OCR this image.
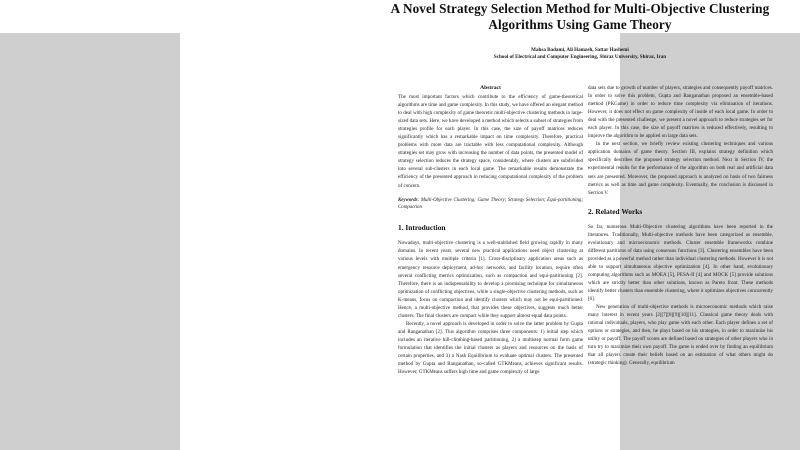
A Novel Strategy Selection Method for Multi-Objective Clustering Algorithms Using Game Theory
Mahsa Badami, Ali Hamzeh, Sattar Hashemi
School of Electrical and Computer Engineering, Shiraz University, Shiraz, Iran
Abstract

The most important factors which contribute to the efficiency of game-theoretical algorithms are time and game complexity. In this study, we have offered an elegant method to deal with high complexity of game theoretic multi-objective clustering methods in large-sized data sets. Here, we have developed a method which selects a subset of strategies from strategies profile for each player. In this case, the size of payoff matrices reduces significantly which has a remarkable impact on time complexity. Therefore, practical problems with more data are tractable with less computational complexity. Although strategies set may grow with increasing the number of data points, the presented model of strategy selection reduces the strategy space, considerably, where clusters are subdivided into several sub-clusters in each local game. The remarkable results demonstrate the efficiency of the presented approach in reducing computational complexity of the problem of concern.

Keywords: Multi-Objective Clustering; Game Theory; Strategy Selection; Equi-partitioning; Compaction

1. Introduction

Nowadays, multi-objective clustering is a well-stablished field growing rapidly in many domains. In recent years, several new practical applications need object clustering at various levels with multiple criteria [1]. Cross-disciplinary application areas such as emergency resource deployment, ad-hoc networks, and facility location, require often several conflicting metrics optimization, such as compaction and equi-partitioning [2]. Therefore, there is an indispensability to develop a promising technique for simultaneous optimization of conflicting objectives, while a single-objective clustering methods, such as K-means, focus on compaction and identify clusters which may not be equi-partitioned. Hence, a multi-objective method, that provides these objectives, suggests much better clusters. The final clusters are compact while they support almost equal data points.

Recently, a novel approach is developed in order to solve the latter problem by Gupta and Ranganathan [2]. This algorithm comprises three components: 1) initial step which includes an iterative hill-climbing-based partitioning, 2) a multistep normal form game formulation that identifies the initial clusters as players and resources on the basis of certain properties, and 3) a Nash Equilibrium to evaluate optimal clusters. The presented method by Gupta and Ranganathan, so-called GTKMeans, achieves significant results. However, GTKMeans suffers high time and game complexity of large

data sets due to growth of number of players, strategies and consequently payoff matrices. In order to solve this problem, Gupta and Ranganathan proposed an ensemble-based method (PKGame) in order to reduce time complexity via elimination of iterations. However, it does not effect on game complexity of inside of each local game. In order to deal with the presented challenge, we present a novel approach to reduce strategies set for each player. In this case, the size of payoff matrices is reduced effectively, resulting to improve the algorithm to be applied on large data sets.

In the next section, we briefly review existing clustering techniques and various application domains of game theory. Section III, explains strategy definition which specifically describes the proposed strategy selection method. Next in Section IV, the experimental results for the performance of the algorithm on both real and artificial data sets are presented. Moreover, the proposed approach is analyzed on basis of two fairness metrics as well as time and game complexity. Eventually, the conclusion is discussed in Section V.

2. Related Works

So far, numerous Multi-Objective clustering algorithms have been reported in the literatures. Traditionally, Multi-objective methods have been categorized as ensemble, evolutionary and microeconomic methods. Cluster ensemble frameworks combine different partitions of data using consensus functions [3]. Clustering ensembles have been provided as a powerful method rather than individual clustering methods. However it is not able to support simultaneous objective optimization [4]. In other hand, evolutionary computing algorithms such as MOEA [5], PESA-II [4] and MOCK [5] provide solutions which are strictly better than other solutions, known as Pareto front. These methods identify better clusters than ensemble clustering, where it optimizes objectives concurrently [6].

New generation of multi-objective methods is microeconomic methods which raise many interest in recent years [2][7][8][9][10][11]. Classical game theory deals with rational individuals, players, who play game with each other. Each player defines a set of options or strategies, and then, he plays based on his strategies, in order to maximize his utility or payoff. The payoff scores are defined based on strategies of other players who in turn try to maximize their own payoff. The game is ended over by finding an equilibrium that all players create their beliefs based on an estimation of what others might do (strategic thinking). Generally, equilibrium
